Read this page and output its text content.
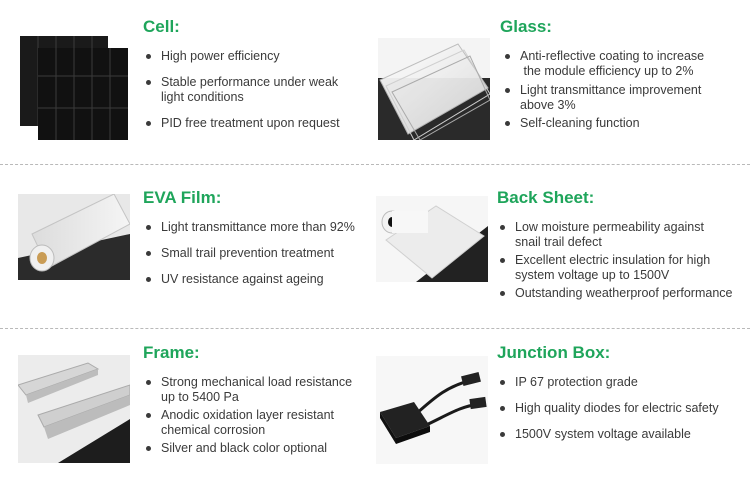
Cell:
High power efficiency
Stable performance under weak
light conditions
PID free treatment upon request
Glass:
Anti-reflective coating to increase
the module efficiency up to 2%
Light transmittance improvement
above 3%
Self-cleaning function
EVA Film:
Light transmittance more than 92%
Small trail prevention treatment
UV resistance against ageing
Back Sheet:
Low moisture permeability against
snail trail defect
Excellent electric insulation for high
system voltage up to 1500V
Outstanding weatherproof performance
Frame:
Strong mechanical load resistance
up to 5400 Pa
Anodic oxidation layer resistant
chemical corrosion
Silver and black color optional
Junction Box:
IP 67 protection grade
High quality diodes for electric safety
1500V system voltage available
